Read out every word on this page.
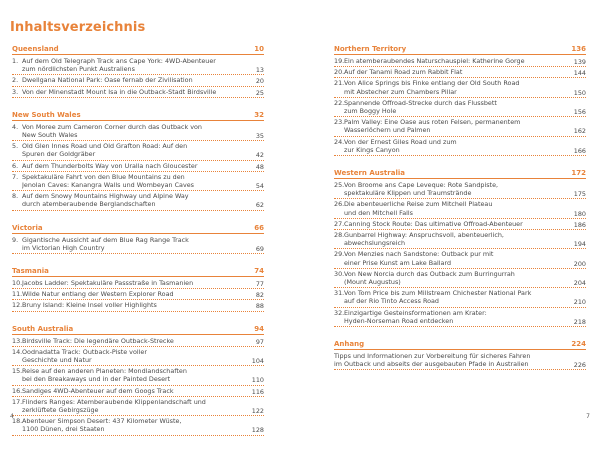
Inhaltsverzeichnis
Queensland	10
1. Auf dem Old Telegraph Track ans Cape York: 4WD-Abenteuer
zum nördlichsten Punkt Australiens	13
2. Dwellgana National Park: Oase fernab der Zivilisation	20
3. Von der Minenstadt Mount Isa in die Outback-Stadt Birdsville	25
New South Wales	32
4. Von Moree zum Cameron Corner durch das Outback von
New South Wales	35
5. Old Glen Innes Road und Old Grafton Road: Auf den
Spuren der Goldgräber	42
6. Auf dem Thunderbolts Way von Uralla nach Gloucester	48
7. Spektakuläre Fahrt von den Blue Mountains zu den
Jenolan Caves: Kanangra Walls und Wombeyan Caves	54
8. Auf dem Snowy Mountains Highway und Alpine Way
durch atemberaubende Berglandschaften	62
Victoria	66
9. Gigantische Aussicht auf dem Blue Rag Range Track
im Victorian High Country	69
Tasmania	74
10. Jacobs Ladder: Spektakuläre Passstraße in Tasmanien	77
11. Wilde Natur entlang der Western Explorer Road	82
12. Bruny Island: Kleine Insel voller Highlights	88
South Australia	94
13. Birdsville Track: Die legendäre Outback-Strecke	97
14. Oodnadatta Track: Outback-Piste voller
Geschichte und Natur	104
15. Reise auf den anderen Planeten: Mondlandschaften
bei den Breakaways und in der Painted Desert	110
16. Sandiges 4WD-Abenteuer auf dem Googs Track	116
17. Flinders Ranges: Atemberaubende Klippenlandschaft und
zerklüftete Gebirgszüge	122
18. Abenteuer Simpson Desert: 437 Kilometer Wüste,
1100 Dünen, drei Staaten	128
Northern Territory	136
19. Ein atemberaubendes Naturschauspiel: Katherine Gorge	139
20. Auf der Tanami Road zum Rabbit Flat	144
21. Von Alice Springs bis Finke entlang der Old South Road
mit Abstecher zum Chambers Pillar	150
22. Spannende Offroad-Strecke durch das Flussbett
zum Boggy Hole	156
23. Palm Valley: Eine Oase aus roten Felsen, permanentem
Wasserlöchern und Palmen	162
24. Von der Ernest Giles Road und zum
zur Kings Canyon	166
Western Australia	172
25. Von Broome ans Cape Leveque: Rote Sandpiste,
spektakuläre Klippen und Traumstrände	175
26. Die abenteuerliche Reise zum Mitchell Plateau
und den Mitchell Falls	180
27. Canning Stock Route: Das ultimative Offroad-Abenteuer	186
28. Gunbarrel Highway: Anspruchsvoll, abenteuerlich,
abwechslungsreich	194
29. Von Menzies nach Sandstone: Outback pur mit
einer Prise Kunst am Lake Ballard	200
30. Von New Norcia durch das Outback zum Burringurrah
(Mount Augustus)	204
31. Von Tom Price bis zum Millstream Chichester National Park
auf der Rio Tinto Access Road	210
32. Einzigartige Gesteinsformationen am Krater:
Hyden-Norseman Road entdecken	218
Anhang	224
Tipps und Informationen zur Vorbereitung für sicheres Fahren
im Outback und abseits der ausgebauten Pfade in Australien	226
4	7
